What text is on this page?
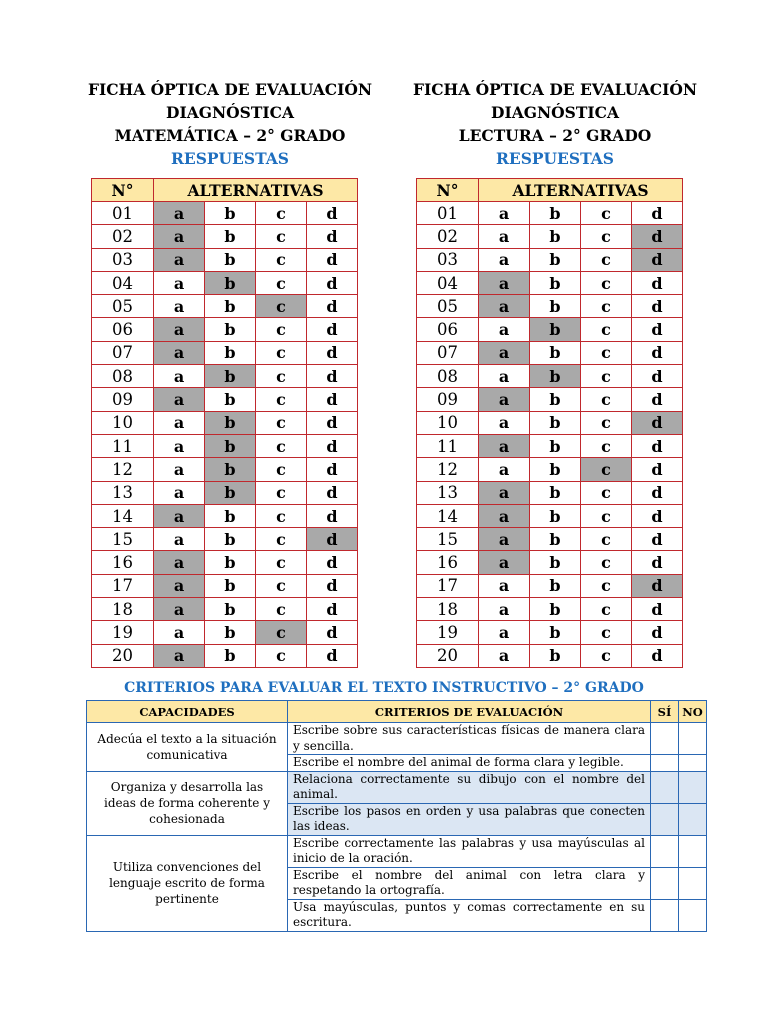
FICHA ÓPTICA DE EVALUACIÓN
DIAGNÓSTICA
MATEMÁTICA – 2° GRADO
RESPUESTAS
FICHA ÓPTICA DE EVALUACIÓN
DIAGNÓSTICA
LECTURA – 2° GRADO
RESPUESTAS
N°	ALTERNATIVAS			
01	a	b	c	d
02	a	b	c	d
03	a	b	c	d
04	a	b	c	d
05	a	b	c	d
06	a	b	c	d
07	a	b	c	d
08	a	b	c	d
09	a	b	c	d
10	a	b	c	d
11	a	b	c	d
12	a	b	c	d
13	a	b	c	d
14	a	b	c	d
15	a	b	c	d
16	a	b	c	d
17	a	b	c	d
18	a	b	c	d
19	a	b	c	d
20	a	b	c	d
N°	ALTERNATIVAS			
01	a	b	c	d
02	a	b	c	d
03	a	b	c	d
04	a	b	c	d
05	a	b	c	d
06	a	b	c	d
07	a	b	c	d
08	a	b	c	d
09	a	b	c	d
10	a	b	c	d
11	a	b	c	d
12	a	b	c	d
13	a	b	c	d
14	a	b	c	d
15	a	b	c	d
16	a	b	c	d
17	a	b	c	d
18	a	b	c	d
19	a	b	c	d
20	a	b	c	d
CRITERIOS PARA EVALUAR EL TEXTO INSTRUCTIVO – 2° GRADO
CAPACIDADES	CRITERIOS DE EVALUACIÓN	SÍ	NO
Adecúa el texto a la situación comunicativa	Escribe sobre sus características físicas de manera clara y sencilla.		
	Escribe el nombre del animal de forma clara y legible.		
Organiza y desarrolla las ideas de forma coherente y cohesionada	Relaciona correctamente su dibujo con el nombre del animal.		
	Escribe los pasos en orden y usa palabras que conecten las ideas.		
Utiliza convenciones del lenguaje escrito de forma pertinente	Escribe correctamente las palabras y usa mayúsculas al inicio de la oración.		
	Escribe el nombre del animal con letra clara y respetando la ortografía.		
	Usa mayúsculas, puntos y comas correctamente en su escritura.		
